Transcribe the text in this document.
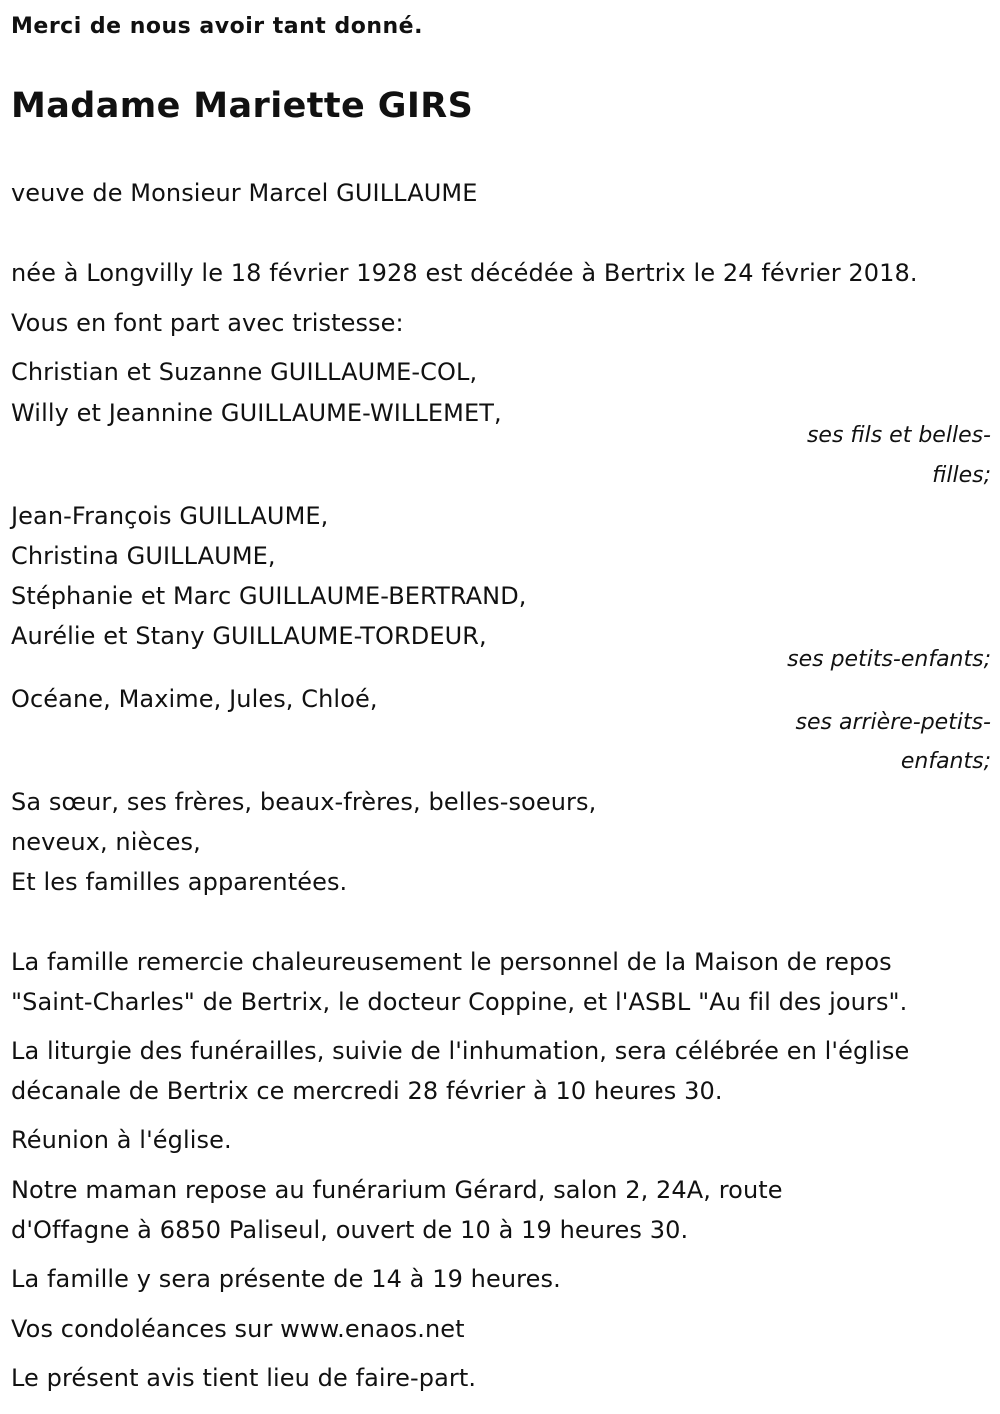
Merci de nous avoir tant donné.
Madame Mariette GIRS
veuve de Monsieur Marcel GUILLAUME
née à Longvilly le 18 février 1928 est décédée à Bertrix le 24 février 2018.
Vous en font part avec tristesse:
Christian et Suzanne GUILLAUME-COL,
Willy et Jeannine GUILLAUME-WILLEMET,
ses fils et belles-
filles;
Jean-François GUILLAUME,
Christina GUILLAUME,
Stéphanie et Marc GUILLAUME-BERTRAND,
Aurélie et Stany GUILLAUME-TORDEUR,
ses petits-enfants;
Océane, Maxime, Jules, Chloé,
ses arrière-petits-
enfants;
Sa sœur, ses frères, beaux-frères, belles-soeurs,
neveux, nièces,
Et les familles apparentées.
La famille remercie chaleureusement le personnel de la Maison de repos
"Saint-Charles" de Bertrix, le docteur Coppine, et l'ASBL "Au fil des jours".
La liturgie des funérailles, suivie de l'inhumation, sera célébrée en l'église
décanale de Bertrix ce mercredi 28 février à 10 heures 30.
Réunion à l'église.
Notre maman repose au funérarium Gérard, salon 2, 24A, route
d'Offagne à 6850 Paliseul, ouvert de 10 à 19 heures 30.
La famille y sera présente de 14 à 19 heures.
Vos condoléances sur www.enaos.net
Le présent avis tient lieu de faire-part.
